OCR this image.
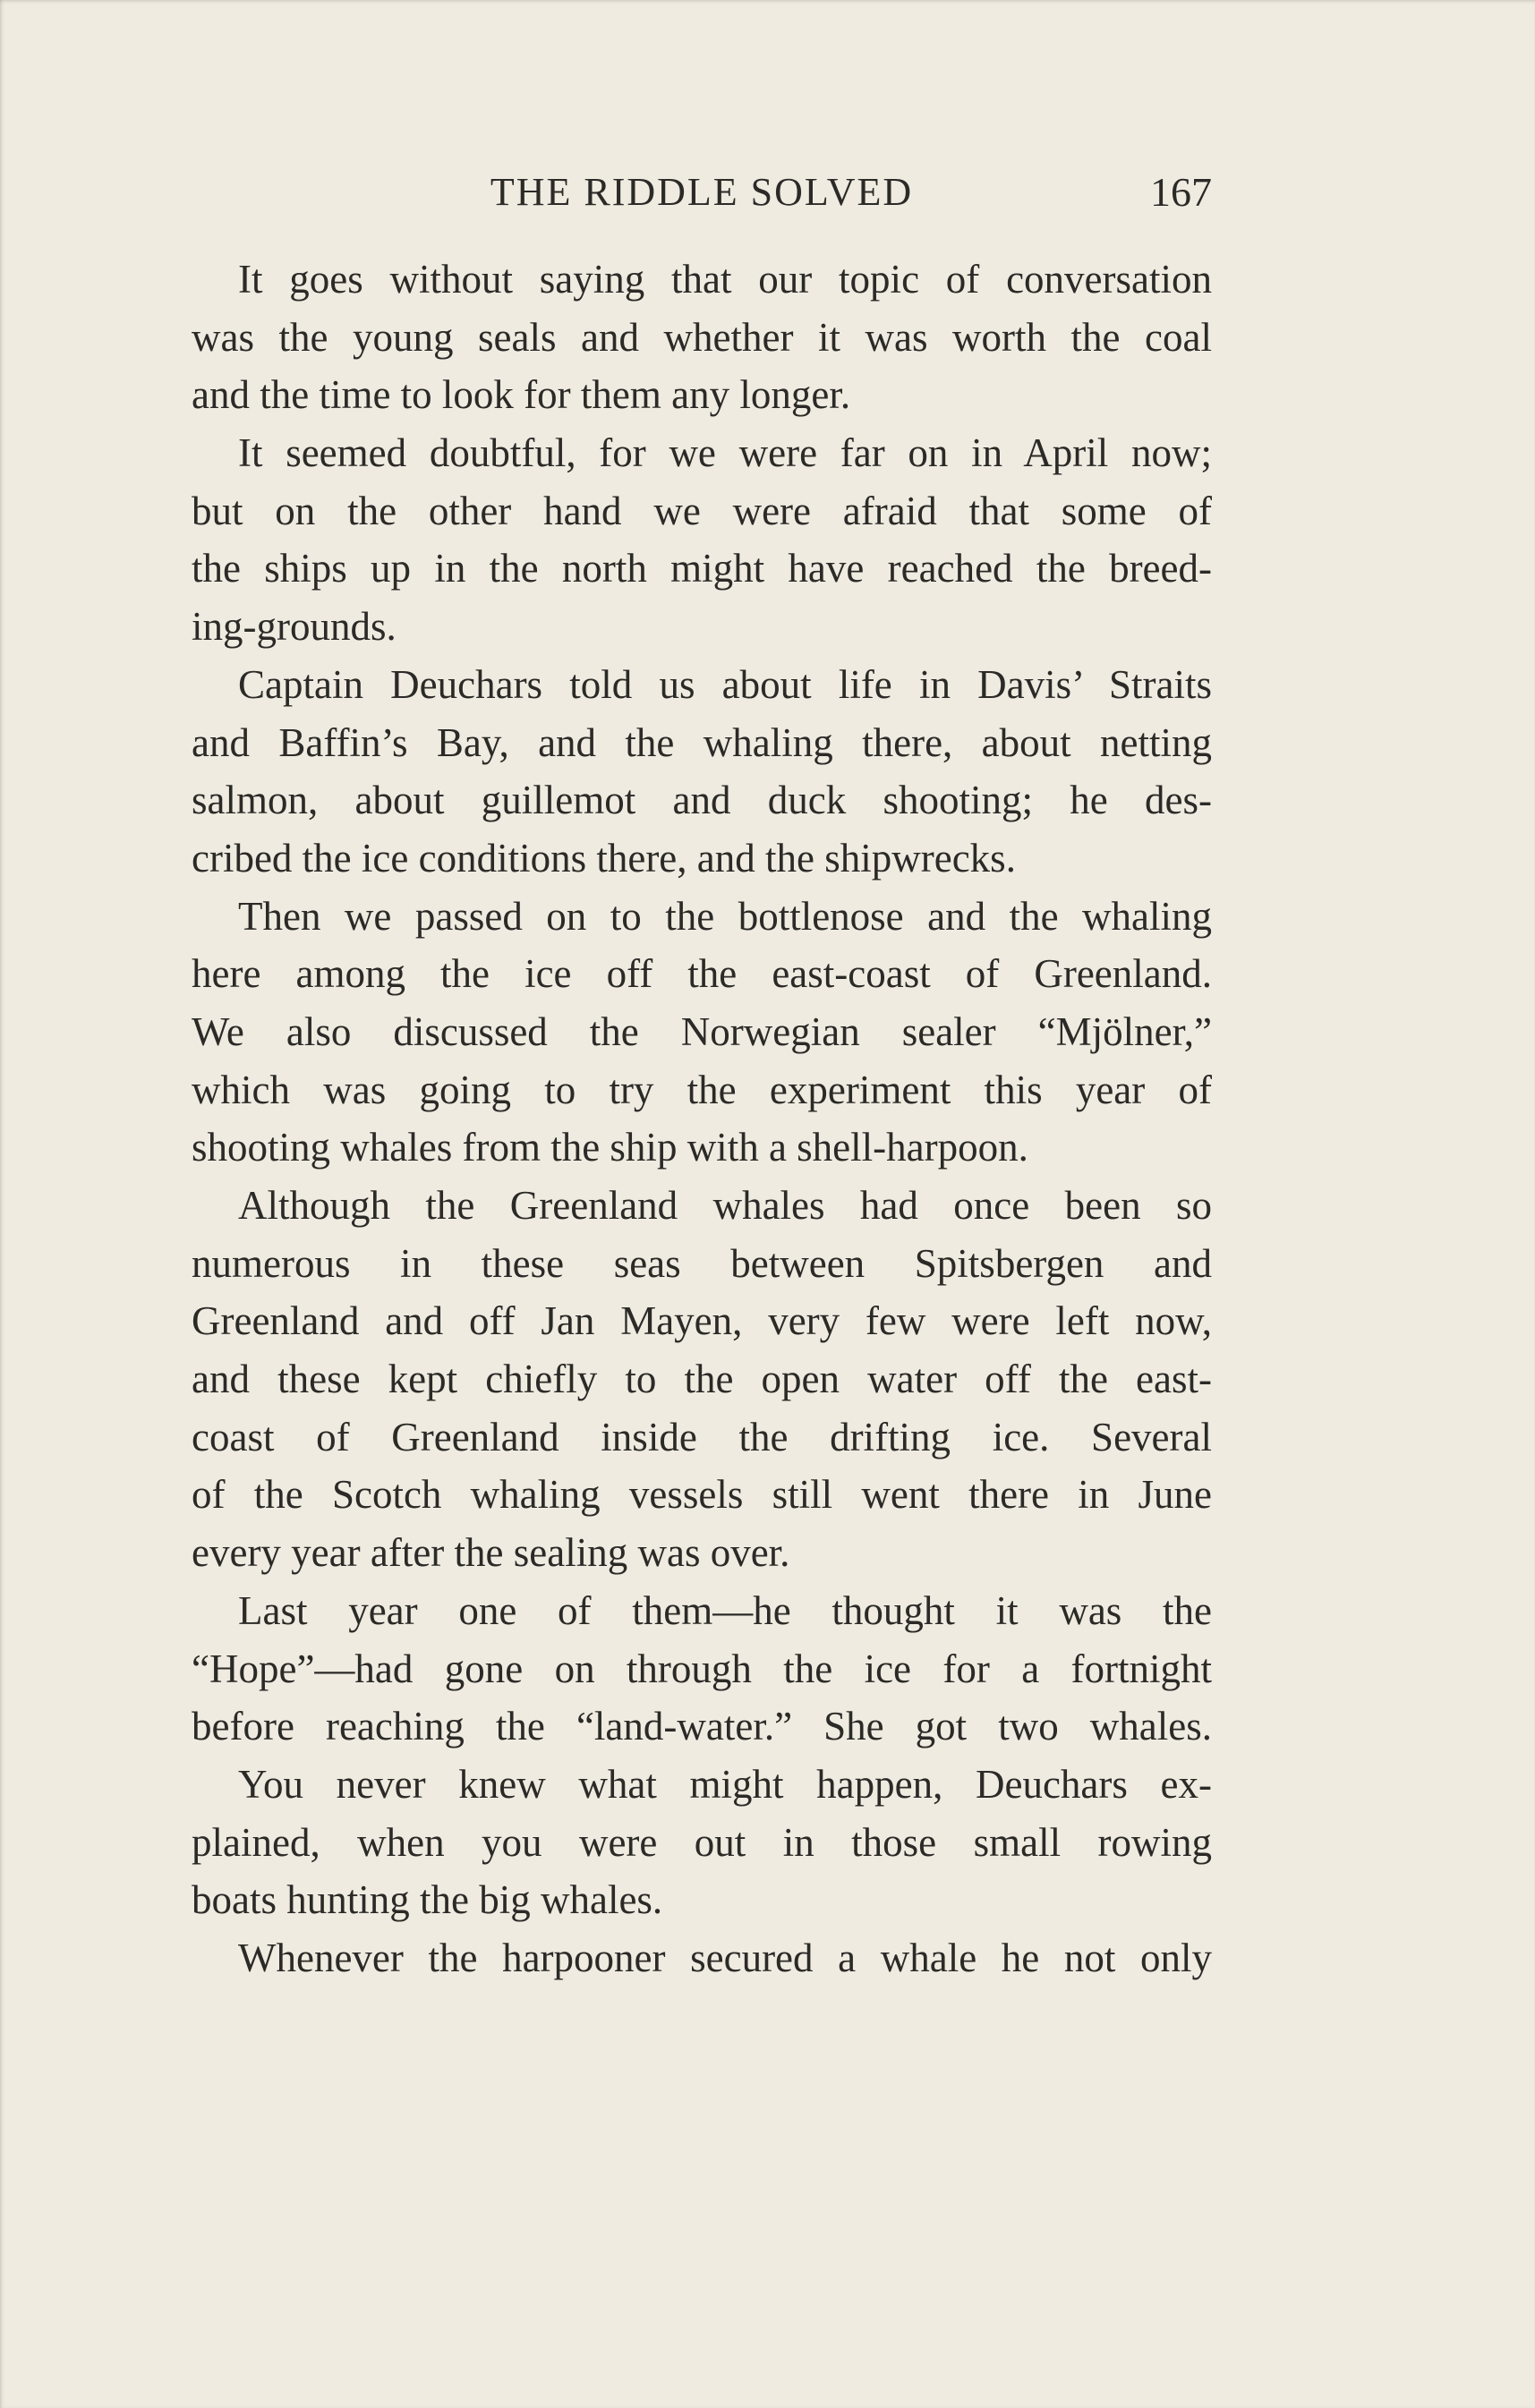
THE RIDDLE SOLVED	167
It goes without saying that our topic of conversation
was the young seals and whether it was worth the coal
and the time to look for them any longer.
It seemed doubtful, for we were far on in April now;
but on the other hand we were afraid that some of
the ships up in the north might have reached the breed-
ing-grounds.
Captain Deuchars told us about life in Davis’ Straits
and Baffin’s Bay, and the whaling there, about netting
salmon, about guillemot and duck shooting; he des-
cribed the ice conditions there, and the shipwrecks.
Then we passed on to the bottlenose and the whaling
here among the ice off the east-coast of Greenland.
We also discussed the Norwegian sealer “Mjölner,”
which was going to try the experiment this year of
shooting whales from the ship with a shell-harpoon.
Although the Greenland whales had once been so
numerous in these seas between Spitsbergen and
Greenland and off Jan Mayen, very few were left now,
and these kept chiefly to the open water off the east-
coast of Greenland inside the drifting ice. Several
of the Scotch whaling vessels still went there in June
every year after the sealing was over.
Last year one of them—he thought it was the
“Hope”—had gone on through the ice for a fortnight
before reaching the “land-water.” She got two whales.
You never knew what might happen, Deuchars ex-
plained, when you were out in those small rowing
boats hunting the big whales.
Whenever the harpooner secured a whale he not only
